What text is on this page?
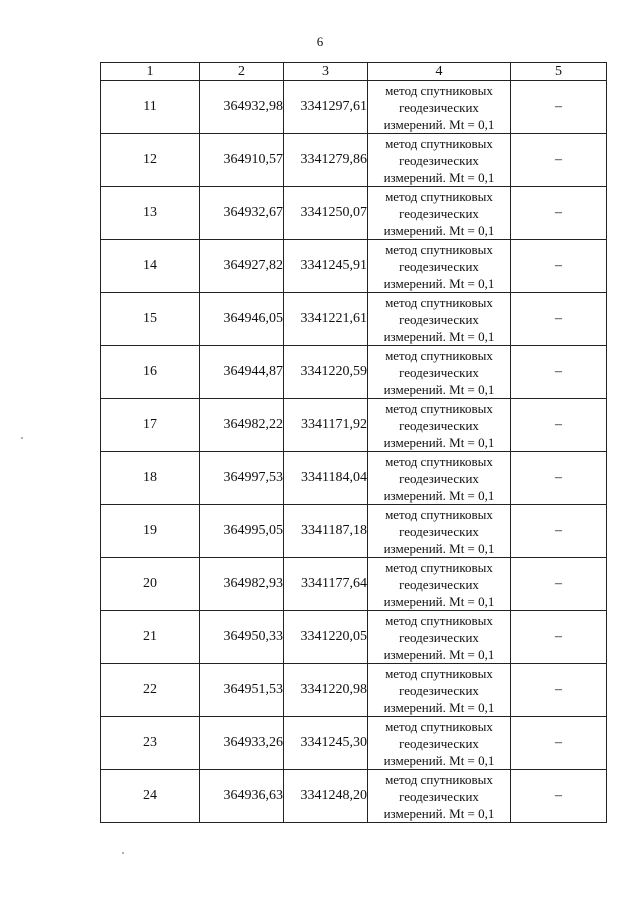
6
1	2	3	4	5
11	364932,98	3341297,61	метод спутниковых
геодезических
измерений. Mt = 0,1	–
12	364910,57	3341279,86	метод спутниковых
геодезических
измерений. Mt = 0,1	–
13	364932,67	3341250,07	метод спутниковых
геодезических
измерений. Mt = 0,1	–
14	364927,82	3341245,91	метод спутниковых
геодезических
измерений. Mt = 0,1	–
15	364946,05	3341221,61	метод спутниковых
геодезических
измерений. Mt = 0,1	–
16	364944,87	3341220,59	метод спутниковых
геодезических
измерений. Mt = 0,1	–
17	364982,22	3341171,92	метод спутниковых
геодезических
измерений. Mt = 0,1	–
18	364997,53	3341184,04	метод спутниковых
геодезических
измерений. Mt = 0,1	–
19	364995,05	3341187,18	метод спутниковых
геодезических
измерений. Mt = 0,1	–
20	364982,93	3341177,64	метод спутниковых
геодезических
измерений. Mt = 0,1	–
21	364950,33	3341220,05	метод спутниковых
геодезических
измерений. Mt = 0,1	–
22	364951,53	3341220,98	метод спутниковых
геодезических
измерений. Mt = 0,1	–
23	364933,26	3341245,30	метод спутниковых
геодезических
измерений. Mt = 0,1	–
24	364936,63	3341248,20	метод спутниковых
геодезических
измерений. Mt = 0,1	–
